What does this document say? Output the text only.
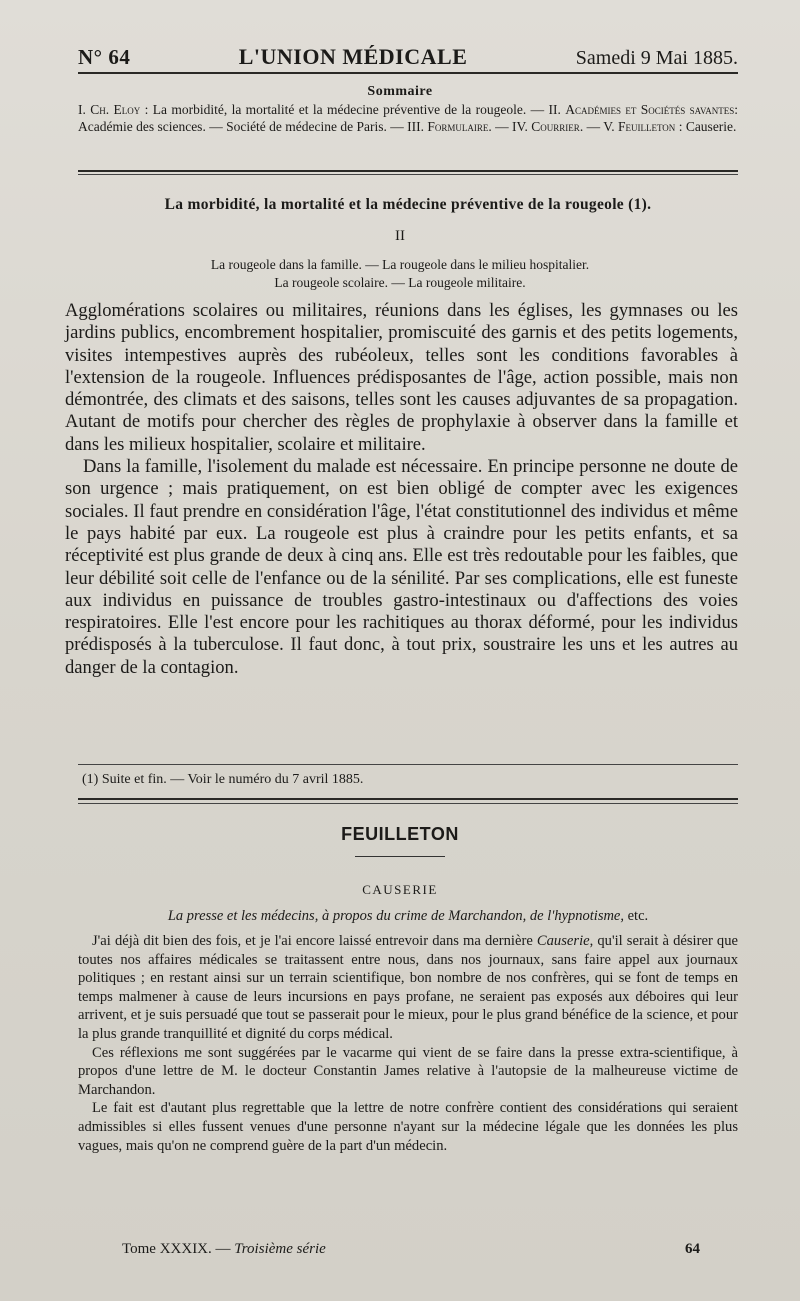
N° 64	L'UNION MÉDICALE	Samedi 9 Mai 1885.
Sommaire
I. Ch. Eloy : La morbidité, la mortalité et la médecine préventive de la rougeole. — II. Académies et Sociétés savantes: Académie des sciences. — Société de médecine de Paris. — III. Formulaire. — IV. Courrier. — V. Feuilleton : Causerie.
La morbidité, la mortalité et la médecine préventive de la rougeole (1).
II
La rougeole dans la famille. — La rougeole dans le milieu hospitalier.
La rougeole scolaire. — La rougeole militaire.

Agglomérations scolaires ou militaires, réunions dans les églises, les gymnases ou les jardins publics, encombrement hospitalier, promiscuité des garnis et des petits logements, visites intempestives auprès des rubéoleux, telles sont les conditions favorables à l'extension de la rougeole. Influences prédisposantes de l'âge, action possible, mais non démontrée, des climats et des saisons, telles sont les causes adjuvantes de sa propagation. Autant de motifs pour chercher des règles de prophylaxie à observer dans la famille et dans les milieux hospitalier, scolaire et militaire.

Dans la famille, l'isolement du malade est nécessaire. En principe personne ne doute de son urgence ; mais pratiquement, on est bien obligé de compter avec les exigences sociales. Il faut prendre en considération l'âge, l'état constitutionnel des individus et même le pays habité par eux. La rougeole est plus à craindre pour les petits enfants, et sa réceptivité est plus grande de deux à cinq ans. Elle est très redoutable pour les faibles, que leur débilité soit celle de l'enfance ou de la sénilité. Par ses complications, elle est funeste aux individus en puissance de troubles gastro-intestinaux ou d'affections des voies respiratoires. Elle l'est encore pour les rachitiques au thorax déformé, pour les individus prédisposés à la tuberculose. Il faut donc, à tout prix, soustraire les uns et les autres au danger de la contagion.

(1) Suite et fin. — Voir le numéro du 7 avril 1885.
FEUILLETON
CAUSERIE
La presse et les médecins, à propos du crime de Marchandon, de l'hypnotisme, etc.

J'ai déjà dit bien des fois, et je l'ai encore laissé entrevoir dans ma dernière Causerie, qu'il serait à désirer que toutes nos affaires médicales se traitassent entre nous, dans nos journaux, sans faire appel aux journaux politiques ; en restant ainsi sur un terrain scientifique, bon nombre de nos confrères, qui se font de temps en temps malmener à cause de leurs incursions en pays profane, ne seraient pas exposés aux déboires qui leur arrivent, et je suis persuadé que tout se passerait pour le mieux, pour le plus grand bénéfice de la science, et pour la plus grande tranquillité et dignité du corps médical.

Ces réflexions me sont suggérées par le vacarme qui vient de se faire dans la presse extra-scientifique, à propos d'une lettre de M. le docteur Constantin James relative à l'autopsie de la malheureuse victime de Marchandon.

Le fait est d'autant plus regrettable que la lettre de notre confrère contient des considérations qui seraient admissibles si elles fussent venues d'une personne n'ayant sur la médecine légale que les données les plus vagues, mais qu'on ne comprend guère de la part d'un médecin.

Tome XXXIX. — Troisième série	64
